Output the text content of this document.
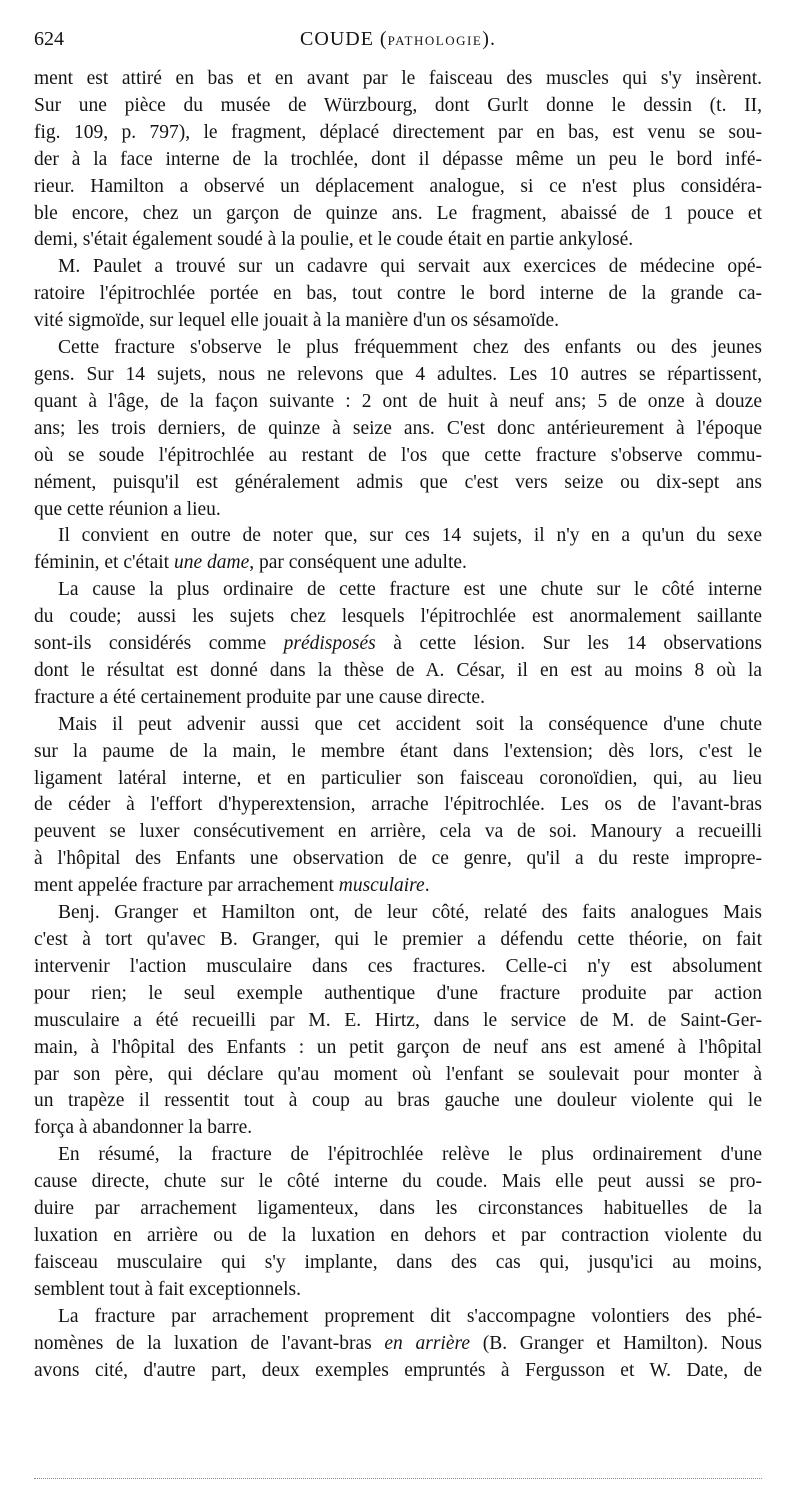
624	COUDE (PATHOLOGIE).

ment est attiré en bas et en avant par le faisceau des muscles qui s'y insèrent.
Sur une pièce du musée de Würzbourg, dont Gurlt donne le dessin (t. II,
fig. 109, p. 797), le fragment, déplacé directement par en bas, est venu se sou-
der à la face interne de la trochlée, dont il dépasse même un peu le bord infé-
rieur. Hamilton a observé un déplacement analogue, si ce n'est plus considéra-
ble encore, chez un garçon de quinze ans. Le fragment, abaissé de 1 pouce et
demi, s'était également soudé à la poulie, et le coude était en partie ankylosé.

M. Paulet a trouvé sur un cadavre qui servait aux exercices de médecine opé-
ratoire l'épitrochlée portée en bas, tout contre le bord interne de la grande ca-
vité sigmoïde, sur lequel elle jouait à la manière d'un os sésamoïde.

Cette fracture s'observe le plus fréquemment chez des enfants ou des jeunes
gens. Sur 14 sujets, nous ne relevons que 4 adultes. Les 10 autres se répartissent,
quant à l'âge, de la façon suivante : 2 ont de huit à neuf ans; 5 de onze à douze
ans; les trois derniers, de quinze à seize ans. C'est donc antérieurement à l'époque
où se soude l'épitrochlée au restant de l'os que cette fracture s'observe commu-
nément, puisqu'il est généralement admis que c'est vers seize ou dix-sept ans
que cette réunion a lieu.

Il convient en outre de noter que, sur ces 14 sujets, il n'y en a qu'un du sexe
féminin, et c'était une dame, par conséquent une adulte.

La cause la plus ordinaire de cette fracture est une chute sur le côté interne
du coude; aussi les sujets chez lesquels l'épitrochlée est anormalement saillante
sont-ils considérés comme prédisposés à cette lésion. Sur les 14 observations
dont le résultat est donné dans la thèse de A. César, il en est au moins 8 où la
fracture a été certainement produite par une cause directe.

Mais il peut advenir aussi que cet accident soit la conséquence d'une chute
sur la paume de la main, le membre étant dans l'extension; dès lors, c'est le
ligament latéral interne, et en particulier son faisceau coronoïdien, qui, au lieu
de céder à l'effort d'hyperextension, arrache l'épitrochlée. Les os de l'avant-bras
peuvent se luxer consécutivement en arrière, cela va de soi. Manoury a recueilli
à l'hôpital des Enfants une observation de ce genre, qu'il a du reste impropre-
ment appelée fracture par arrachement musculaire.

Benj. Granger et Hamilton ont, de leur côté, relaté des faits analogues Mais
c'est à tort qu'avec B. Granger, qui le premier a défendu cette théorie, on fait
intervenir l'action musculaire dans ces fractures. Celle-ci n'y est absolument
pour rien; le seul exemple authentique d'une fracture produite par action
musculaire a été recueilli par M. E. Hirtz, dans le service de M. de Saint-Ger-
main, à l'hôpital des Enfants : un petit garçon de neuf ans est amené à l'hôpital
par son père, qui déclare qu'au moment où l'enfant se soulevait pour monter à
un trapèze il ressentit tout à coup au bras gauche une douleur violente qui le
força à abandonner la barre.

En résumé, la fracture de l'épitrochlée relève le plus ordinairement d'une
cause directe, chute sur le côté interne du coude. Mais elle peut aussi se pro-
duire par arrachement ligamenteux, dans les circonstances habituelles de la
luxation en arrière ou de la luxation en dehors et par contraction violente du
faisceau musculaire qui s'y implante, dans des cas qui, jusqu'ici au moins,
semblent tout à fait exceptionnels.

La fracture par arrachement proprement dit s'accompagne volontiers des phé-
nomènes de la luxation de l'avant-bras en arrière (B. Granger et Hamilton). Nous
avons cité, d'autre part, deux exemples empruntés à Fergusson et W. Date, de
